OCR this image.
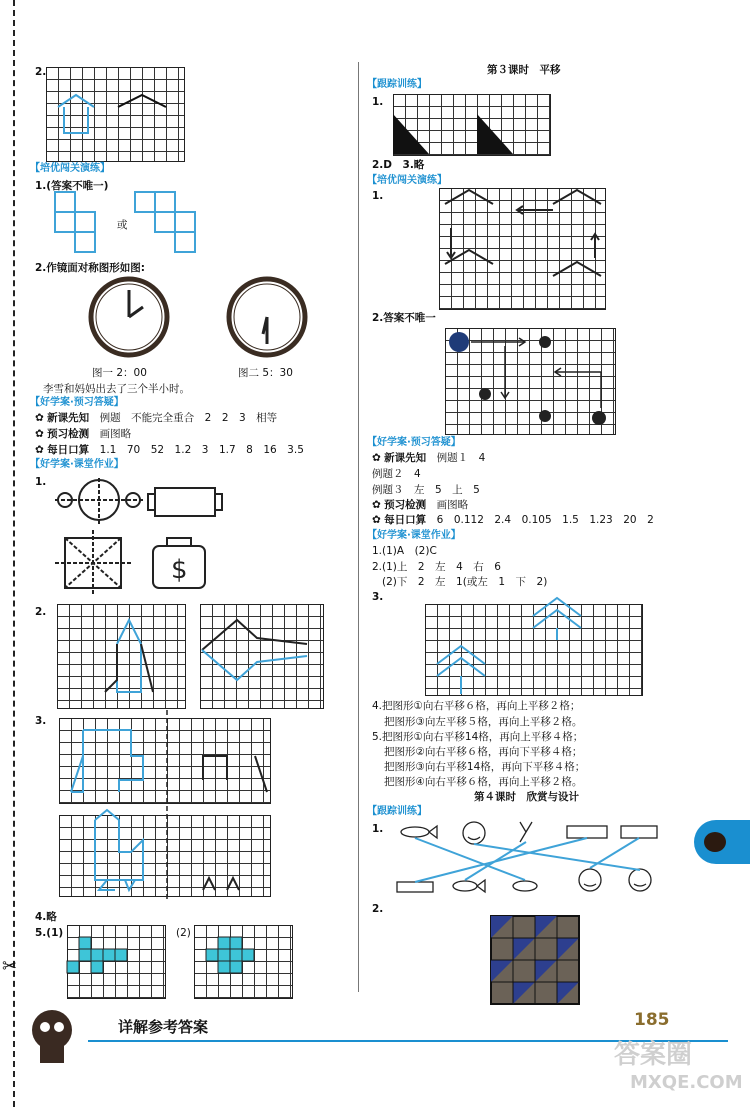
✂
2.
【培优闯关演练】
1.(答案不唯一)
或
2.作镜面对称图形如图:
图一 2：00	图二 5：30
李雪和妈妈出去了三个半小时。
【好学案·预习答疑】
✿ 新课先知　 例题　不能完全重合　2　2　3　相等
✿ 预习检测　 画图略
✿ 每日口算　 1.1　70　52　1.2　3　1.7　8　16　3.5
【好学案·课堂作业】
1.
$
2.
3.
4.略
5.(1)	(2)
第３课时　平移
【跟踪训练】
1.
2.D　3.略
【培优闯关演练】
1.
2.答案不唯一
【好学案·预习答疑】
✿ 新课先知　 例题１　4
例题２　4
例题３　左　5　上　5
✿ 预习检测　 画图略
✿ 每日口算　 6　0.112　2.4　0.105　1.5　1.23　20　2
【好学案·课堂作业】
1.(1)A　(2)C
2.(1)上　2　左　4　右　6
(2)下　2　左　1(或左　1　下　2)
3.
4.把图形①向右平移６格，再向上平移２格；
把图形③向左平移５格，再向上平移２格。
5.把图形①向右平移14格，再向上平移４格；
把图形②向右平移６格，再向下平移４格；
把图形③向右平移14格，再向下平移４格；
把图形④向右平移６格，再向上平移２格。
第４课时　欣赏与设计
【跟踪训练】
1.
2.
详解参考答案	185
答案圈
MXQE.COM
